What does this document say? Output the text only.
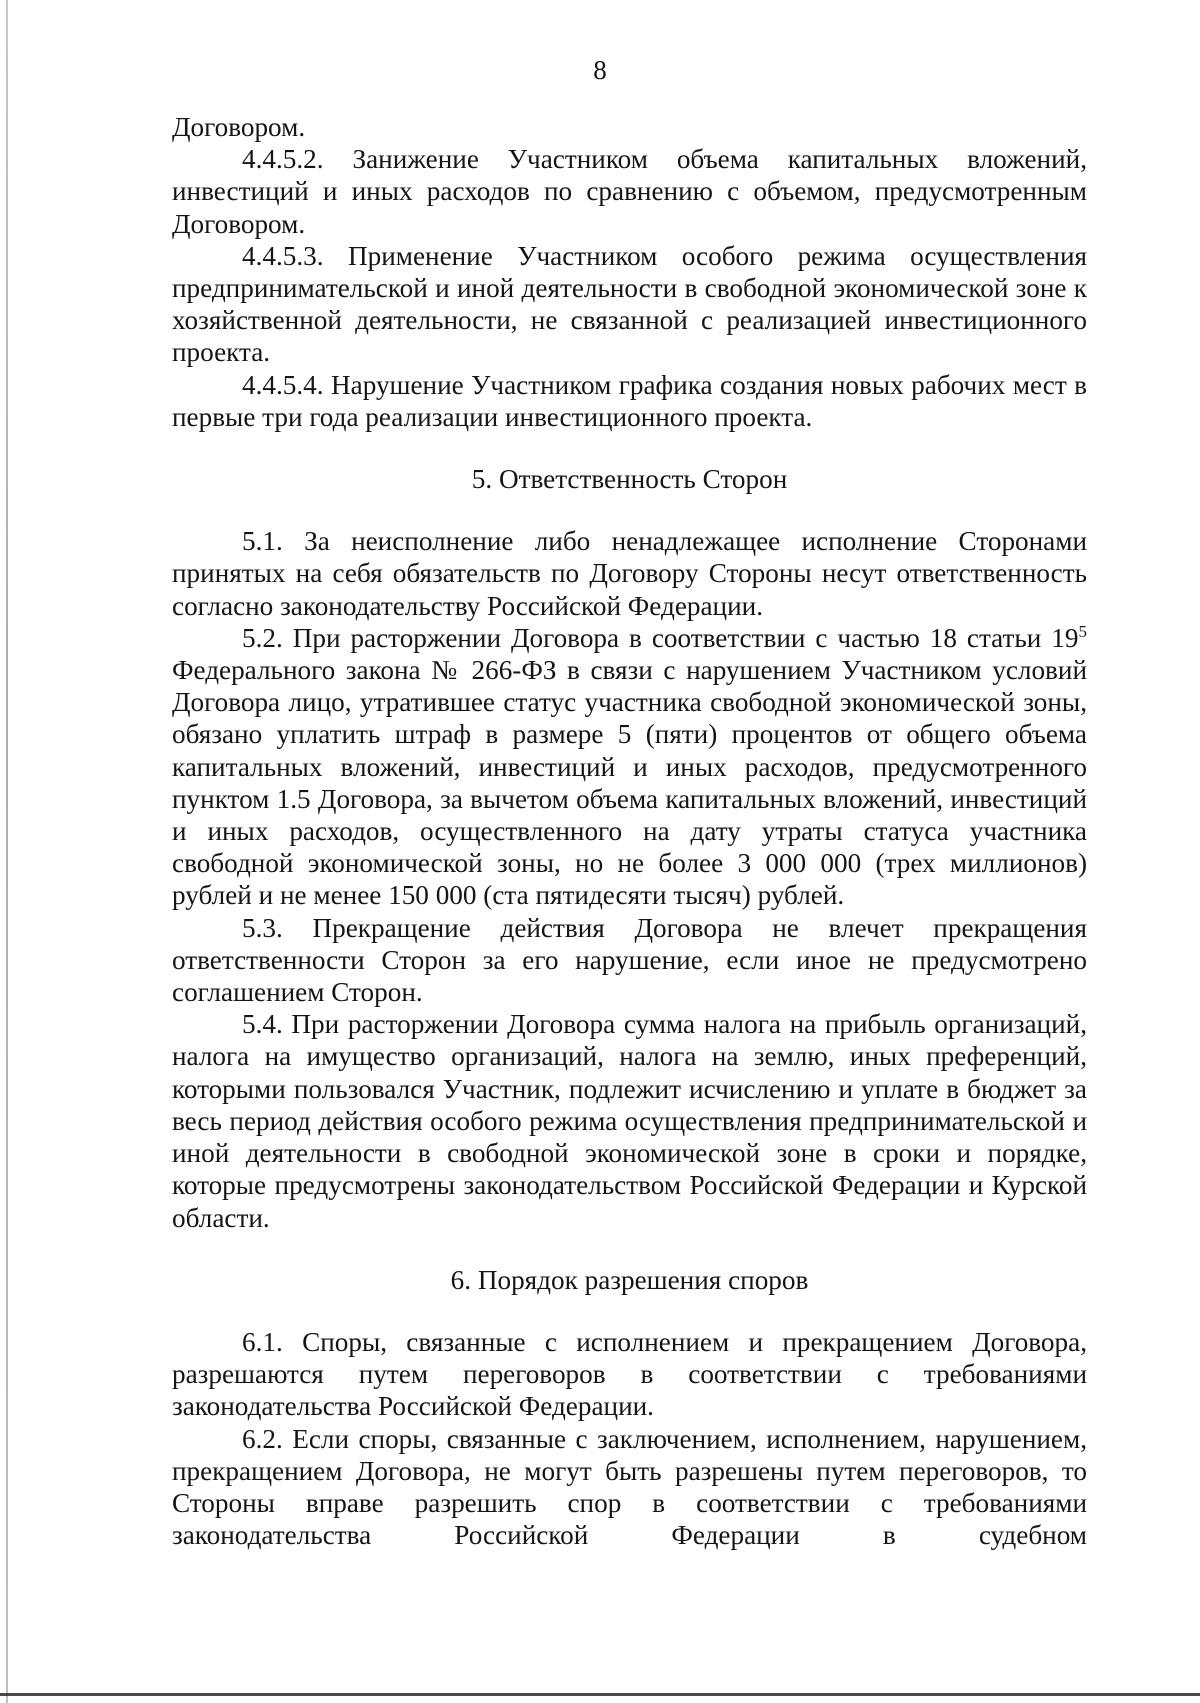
8

Договором.

4.4.5.2. Занижение Участником объема капитальных вложений, инвестиций и иных расходов по сравнению с объемом, предусмотренным Договором.

4.4.5.3. Применение Участником особого режима осуществления предпринимательской и иной деятельности в свободной экономической зоне к хозяйственной деятельности, не связанной с реализацией инвестиционного проекта.

4.4.5.4. Нарушение Участником графика создания новых рабочих мест в первые три года реализации инвестиционного проекта.

5. Ответственность Сторон

5.1. За неисполнение либо ненадлежащее исполнение Сторонами принятых на себя обязательств по Договору Стороны несут ответственность согласно законодательству Российской Федерации.

5.2. При расторжении Договора в соответствии с частью 18 статьи $19^5$ Федерального закона № 266-ФЗ в связи с нарушением Участником условий Договора лицо, утратившее статус участника свободной экономической зоны, обязано уплатить штраф в размере 5 (пяти) процентов от общего объема капитальных вложений, инвестиций и иных расходов, предусмотренного пунктом 1.5 Договора, за вычетом объема капитальных вложений, инвестиций и иных расходов, осуществленного на дату утраты статуса участника свободной экономической зоны, но не более 3 000 000 (трех миллионов) рублей и не менее 150 000 (ста пятидесяти тысяч) рублей.

5.3. Прекращение действия Договора не влечет прекращения ответственности Сторон за его нарушение, если иное не предусмотрено соглашением Сторон.

5.4. При расторжении Договора сумма налога на прибыль организаций, налога на имущество организаций, налога на землю, иных преференций, которыми пользовался Участник, подлежит исчислению и уплате в бюджет за весь период действия особого режима осуществления предпринимательской и иной деятельности в свободной экономической зоне в сроки и порядке, которые предусмотрены законодательством Российской Федерации и Курской области.

6. Порядок разрешения споров

6.1. Споры, связанные с исполнением и прекращением Договора, разрешаются путем переговоров в соответствии с требованиями законодательства Российской Федерации.

6.2. Если споры, связанные с заключением, исполнением, нарушением, прекращением Договора, не могут быть разрешены путем переговоров, то Стороны вправе разрешить спор в соответствии с требованиями законодательства Российской Федерации в судебном
